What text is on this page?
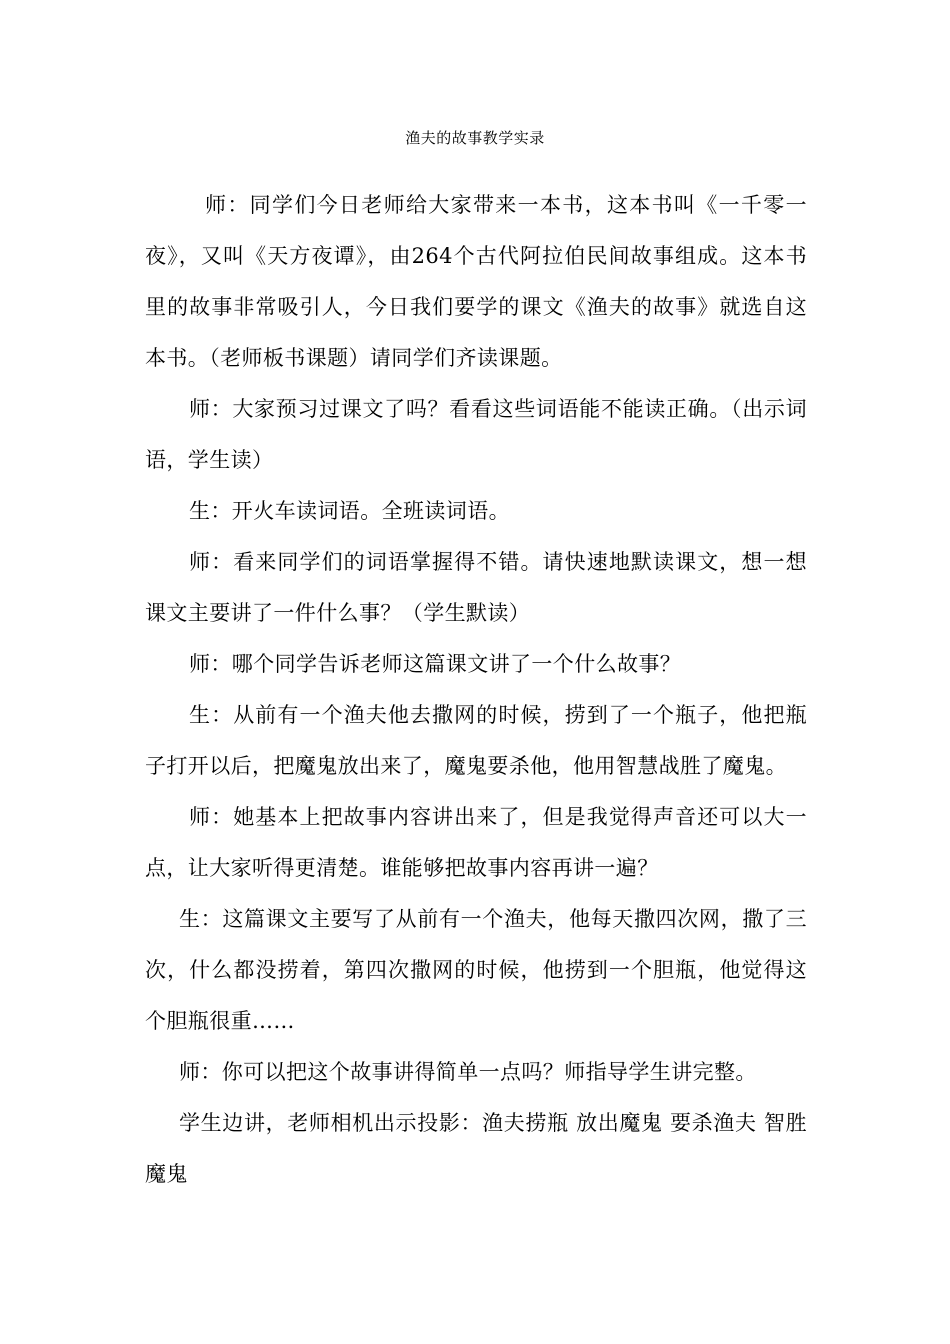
渔夫的故事教学实录

师：同学们今日老师给大家带来一本书，这本书叫《一千零一夜》，又叫《天方夜谭》，由264个古代阿拉伯民间故事组成。这本书里的故事非常吸引人，今日我们要学的课文《渔夫的故事》就选自这本书。（老师板书课题）请同学们齐读课题。

师：大家预习过课文了吗？看看这些词语能不能读正确。（出示词语，学生读）

生：开火车读词语。全班读词语。

师：看来同学们的词语掌握得不错。请快速地默读课文，想一想课文主要讲了一件什么事？（学生默读）

师：哪个同学告诉老师这篇课文讲了一个什么故事？

生：从前有一个渔夫他去撒网的时候，捞到了一个瓶子，他把瓶子打开以后，把魔鬼放出来了，魔鬼要杀他，他用智慧战胜了魔鬼。

师：她基本上把故事内容讲出来了，但是我觉得声音还可以大一点，让大家听得更清楚。谁能够把故事内容再讲一遍？

生：这篇课文主要写了从前有一个渔夫，他每天撒四次网，撒了三次，什么都没捞着，第四次撒网的时候，他捞到一个胆瓶，他觉得这个胆瓶很重……

师：你可以把这个故事讲得简单一点吗？师指导学生讲完整。

学生边讲，老师相机出示投影：渔夫捞瓶 放出魔鬼 要杀渔夫 智胜魔鬼
